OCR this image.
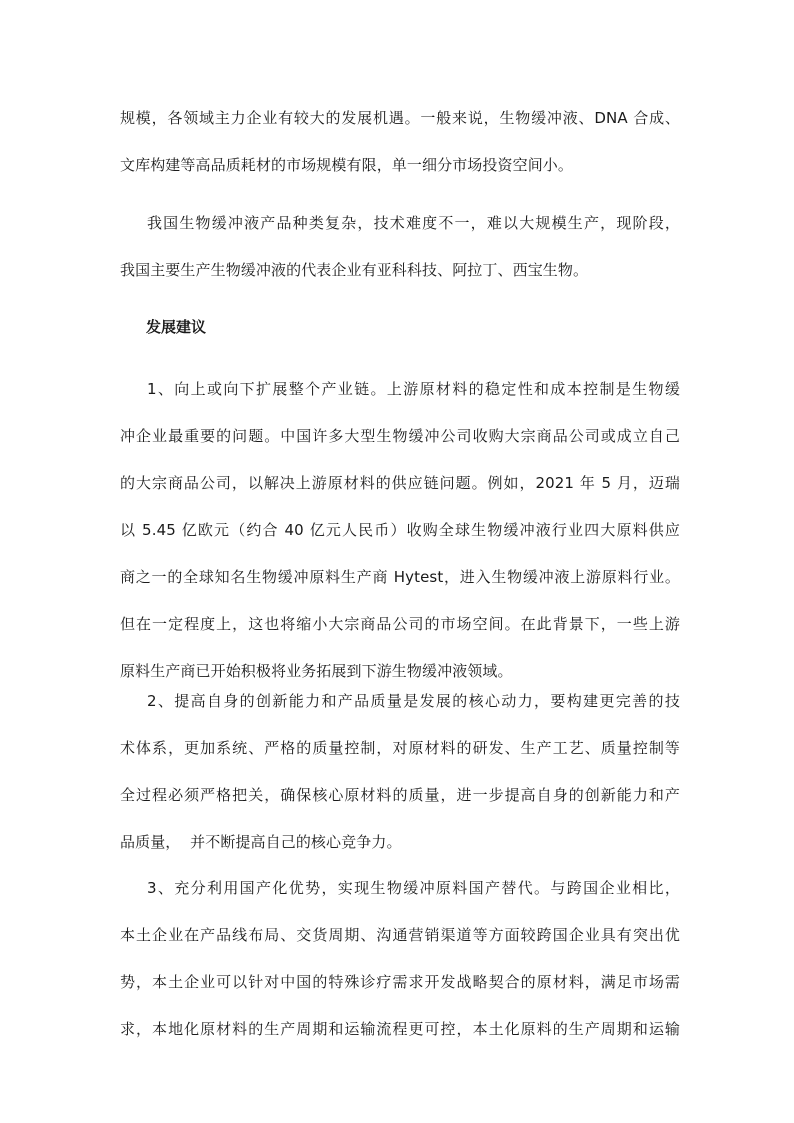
规模，各领域主力企业有较大的发展机遇。一般来说，生物缓冲液、DNA 合成、
文库构建等高品质耗材的市场规模有限，单一细分市场投资空间小。
我国生物缓冲液产品种类复杂，技术难度不一，难以大规模生产，现阶段，
我国主要生产生物缓冲液的代表企业有亚科科技、阿拉丁、西宝生物。
发展建议
1、向上或向下扩展整个产业链。上游原材料的稳定性和成本控制是生物缓
冲企业最重要的问题。中国许多大型生物缓冲公司收购大宗商品公司或成立自己
的大宗商品公司，以解决上游原材料的供应链问题。例如，2021 年 5 月，迈瑞
以 5.45 亿欧元（约合 40 亿元人民币）收购全球生物缓冲液行业四大原料供应
商之一的全球知名生物缓冲原料生产商 Hytest，进入生物缓冲液上游原料行业。
但在一定程度上，这也将缩小大宗商品公司的市场空间。在此背景下，一些上游
原料生产商已开始积极将业务拓展到下游生物缓冲液领域。
2、提高自身的创新能力和产品质量是发展的核心动力，要构建更完善的技
术体系，更加系统、严格的质量控制，对原材料的研发、生产工艺、质量控制等
全过程必须严格把关，确保核心原材料的质量，进一步提高自身的创新能力和产
品质量，  并不断提高自己的核心竞争力。
3、充分利用国产化优势，实现生物缓冲原料国产替代。与跨国企业相比，
本土企业在产品线布局、交货周期、沟通营销渠道等方面较跨国企业具有突出优
势，本土企业可以针对中国的特殊诊疗需求开发战略契合的原材料，满足市场需
求，本地化原材料的生产周期和运输流程更可控，本土化原料的生产周期和运输
